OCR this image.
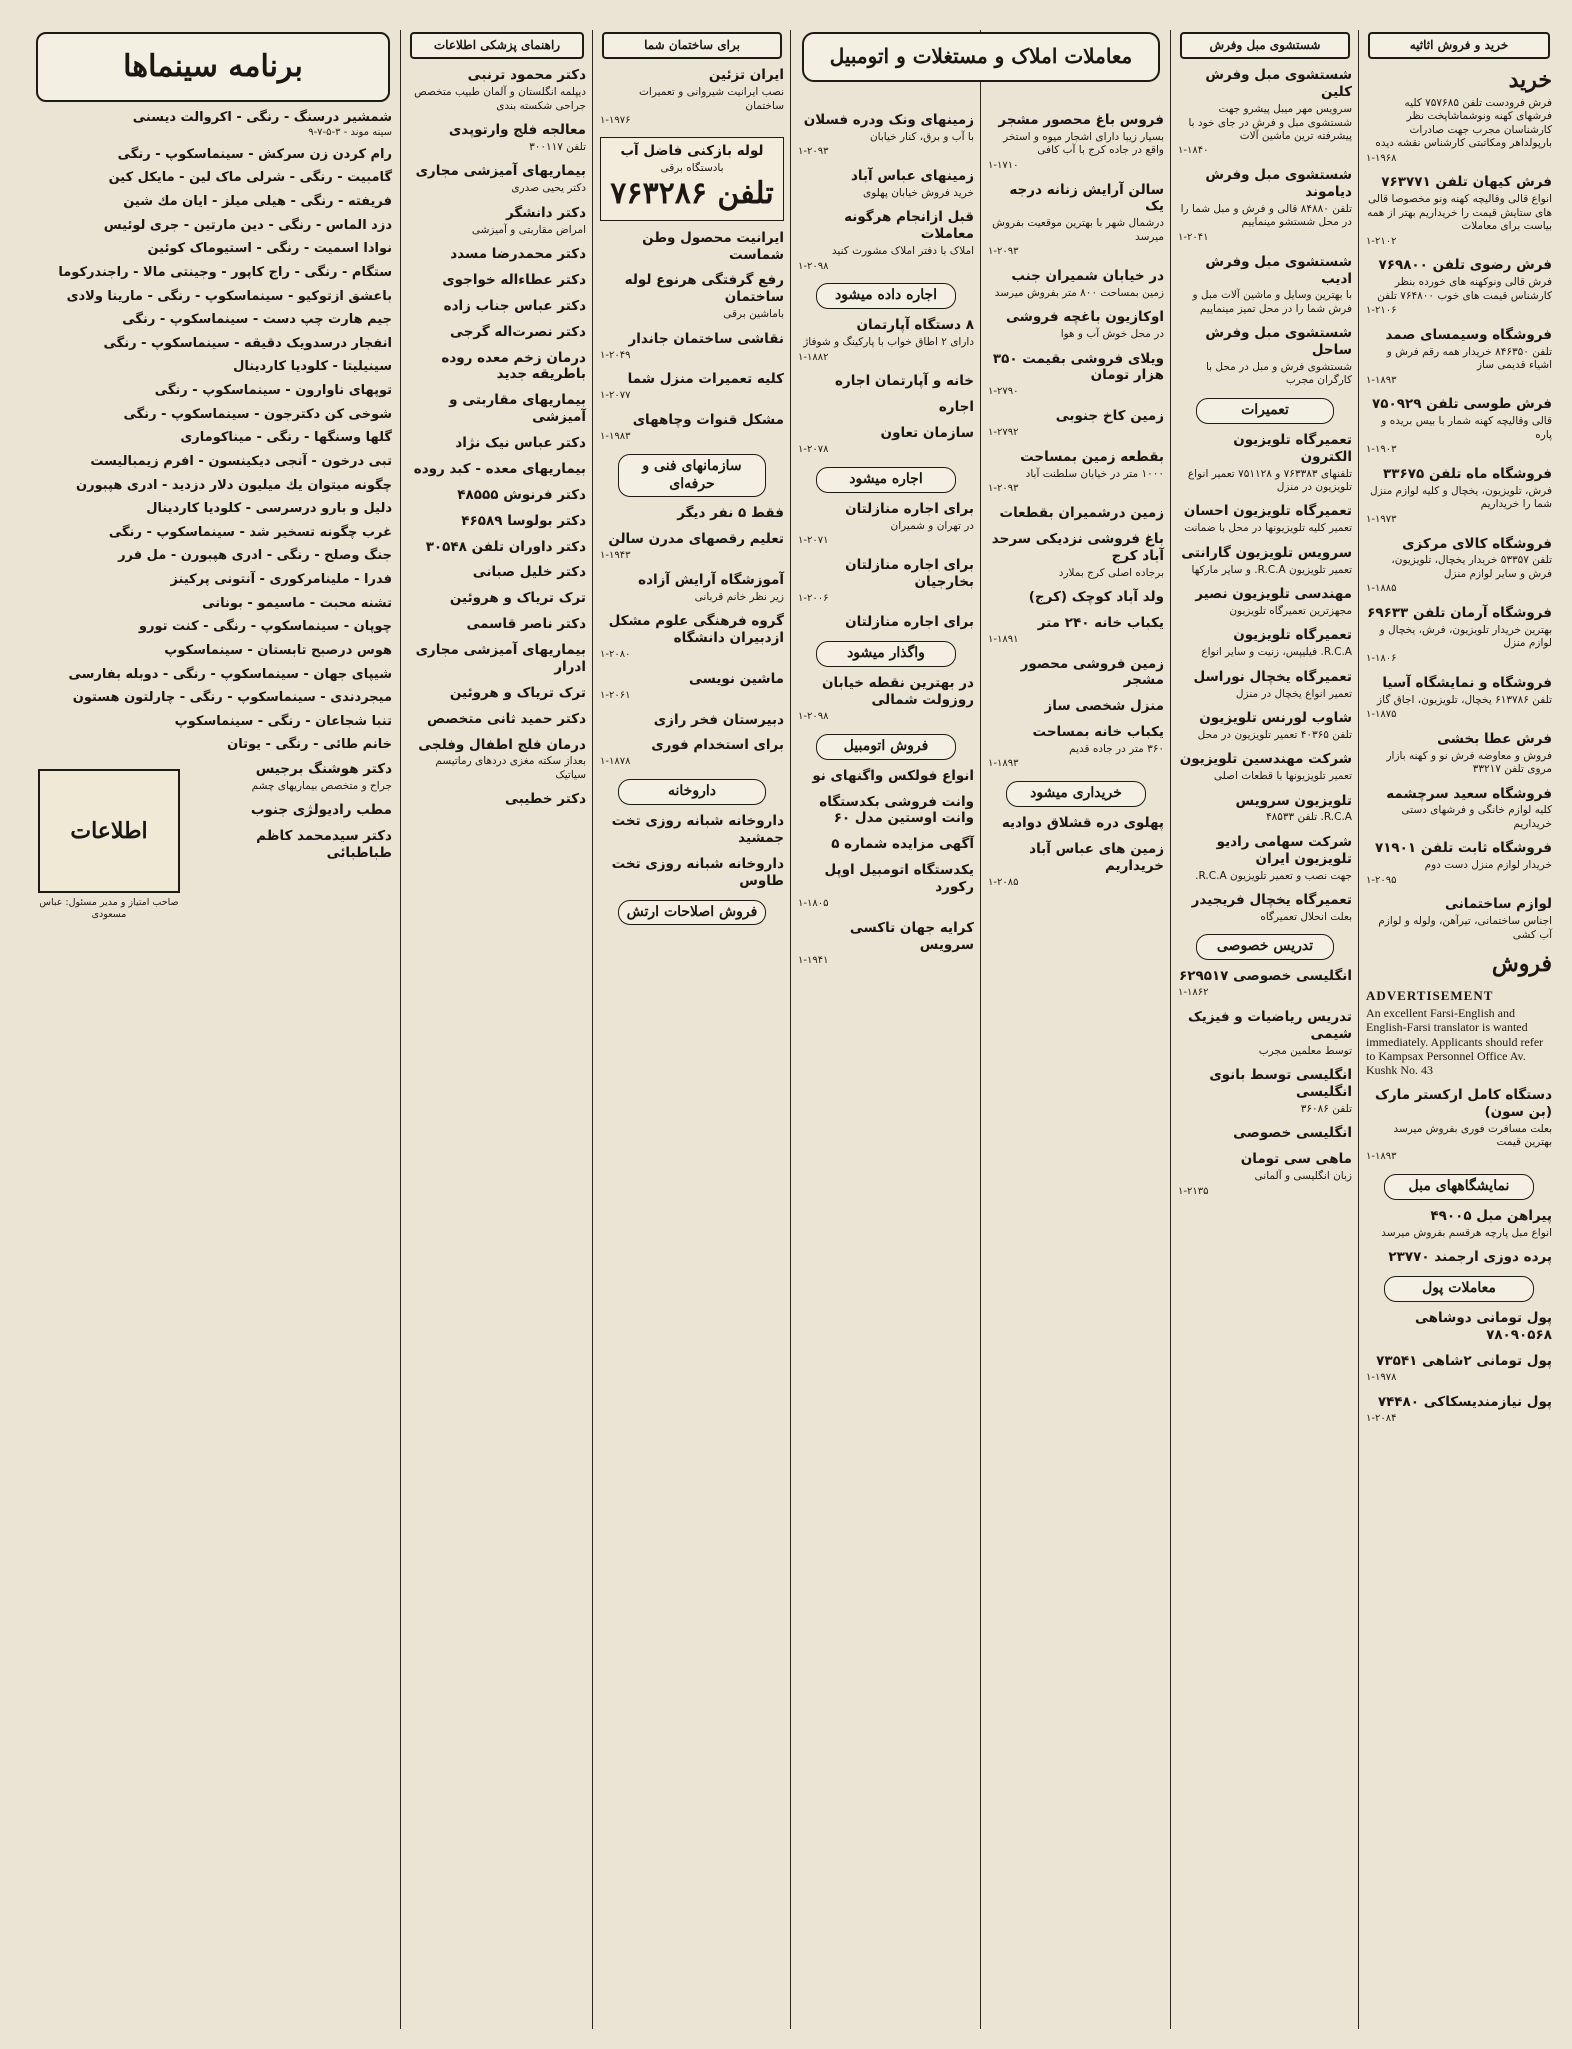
خرید و فروش اثاثیه
خرید
فرش فرودست تلفن ۷۵۷۶۸۵ کلیه فرشهای کهنه ونوشماشاپخت نظر کارشناسان مجرب جهت صادرات بارپولداهر ومکاتبتی کارشناس نقشه دیده
۱-۱۹۶۸
فرش کیهان تلفن ۷۶۳۷۷۱
انواع قالی وقالیچه کهنه ونو مخصوصا قالی های ستایش قیمت را خریداریم بهتر از همه بیاست برای معاملات
۱-۲۱۰۲
فرش رضوی تلفن ۷۶۹۸۰۰
فرش قالی ونوکهنه های خورده بنظر کارشناس قیمت های خوب ۷۶۴۸۰۰ تلفن
۱-۲۱۰۶
فروشگاه وسیمسای صمد
تلفن ۸۴۶۳۵۰ خریدار همه رقم فرش و اشیاء قدیمی ساز
۱-۱۸۹۳
فرش طوسی تلفن ۷۵۰۹۲۹
قالی وقالیچه کهنه شمار با بیس بریده و پاره
۱-۱۹۰۳
فروشگاه ماه تلفن ۳۳۶۷۵
فرش، تلویزیون، یخچال و کلیه لوازم منزل شما را خریداریم
۱-۱۹۷۳
فروشگاه کالای مرکزی
تلفن ۵۳۳۵۷ خریدار یخچال، تلویزیون، فرش و سایر لوازم منزل
۱-۱۸۸۵
فروشگاه آرمان تلفن ۶۹۶۳۳
بهترین خریدار تلویزیون، فرش، یخچال و لوازم منزل
۱-۱۸۰۶
فروشگاه و نمایشگاه آسیا
تلفن ۶۱۳۷۸۶ یخچال، تلویزیون، اجاق گاز
۱-۱۸۷۵
فرش عطا بخشی
فروش و معاوضه فرش نو و کهنه بازار مروی تلفن ۳۳۲۱۷
فروشگاه سعید سرچشمه
کلیه لوازم خانگی و فرشهای دستی خریداریم
فروشگاه ثابت تلفن ۷۱۹۰۱
خریدار لوازم منزل دست دوم
۱-۲۰۹۵
لوازم ساختمانی
اجناس ساختمانی، تیرآهن، ولوله و لوازم آب کشی
فروش
ADVERTISEMENT
An excellent Farsi-English and English-Farsi translator is wanted immediately. Applicants should refer to Kampsax Personnel Office Av. Kushk No. 43
دستگاه کامل ارکستر مارک (بن سون)
بعلت مسافرت فوری بفروش میرسد بهترین قیمت
۱-۱۸۹۳
نمایشگاههای مبل
پیراهن مبل ۴۹۰۰۵
انواع مبل پارچه هرقسم بفروش میرسد
پرده دوزی ارجمند ۲۳۷۷۰
معاملات پول
پول تومانی دوشاهی ۷۸۰۹۰۵۶۸
پول تومانی ۲شاهی ۷۳۵۴۱
۱-۱۹۷۸
پول نیازمندیسکاکی ۷۴۴۸۰
۱-۲۰۸۴
شستشوی مبل وفرش
شستشوی مبل وفرش کلین
سرویس مهر میبل پیشرو جهت شستشوی مبل و فرش در جای خود با پیشرفته ترین ماشین آلات
۱-۱۸۴۰
شستشوی مبل وفرش دیاموند
تلفن ۸۴۸۸۰ قالی و فرش و مبل شما را در محل شستشو مینماییم
۱-۲۰۴۱
شستشوی مبل وفرش ادیب
با بهترین وسایل و ماشین آلات مبل و فرش شما را در محل تمیز مینماییم
شستشوی مبل وفرش ساحل
شستشوی فرش و مبل در محل با کارگران مجرب
تعمیرات
تعمیرگاه تلویزیون الکترون
تلفنهای ۷۶۳۳۸۳ و ۷۵۱۱۲۸ تعمیر انواع تلویزیون در منزل
تعمیرگاه تلویزیون احسان
تعمیر کلیه تلویزیونها در محل با ضمانت
سرویس تلویزیون گارانتی
تعمیر تلویزیون R.C.A. و سایر مارکها
مهندسی تلویزیون نصیر
مجهزترین تعمیرگاه تلویزیون
تعمیرگاه تلویزیون
R.C.A. فیلیپس، زنیت و سایر انواع
تعمیرگاه یخچال نوراسل
تعمیر انواع یخچال در منزل
شاوب لورنس تلویزیون
تلفن ۴۰۳۶۵ تعمیر تلویزیون در محل
شرکت مهندسین تلویزیون
تعمیر تلویزیونها با قطعات اصلی
تلویزیون سرویس
R.C.A. تلفن ۴۸۵۳۳
شرکت سهامی رادیو تلویزیون ایران
جهت نصب و تعمیر تلویزیون R.C.A.
تعمیرگاه یخچال فریجیدر
بعلت انحلال تعمیرگاه
تدریس خصوصی
انگلیسی خصوصی ۶۲۹۵۱۷
۱-۱۸۶۲
تدریس ریاضیات و فیزیک شیمی
توسط معلمین مجرب
انگلیسی توسط بانوی انگلیسی
تلفن ۳۶۰۸۶
انگلیسی خصوصی
ماهی سی تومان
زبان انگلیسی و آلمانی
۱-۲۱۳۵
معاملات املاک و مستغلات و اتومبیل
فروس باغ محصور مشجر
بسیار زیبا دارای اشجار میوه و استخر واقع در جاده کرج با آب کافی
۱-۱۷۱۰
سالن آرایش زنانه درجه یک
درشمال شهر با بهترین موقعیت بفروش میرسد
۱-۲۰۹۳
در خیابان شمیران جنب
زمین بمساحت ۸۰۰ متر بفروش میرسد
اوکازیون باغچه فروشی
در محل خوش آب و هوا
ویلای فروشی بقیمت ۳۵۰ هزار تومان
۱-۲۷۹۰
زمین کاخ جنوبی
۱-۲۷۹۲
بقطعه زمین بمساحت
۱۰۰۰ متر در خیابان سلطنت آباد
۱-۲۰۹۳
زمین درشمیران بقطعات
باغ فروشی نزدیکی سرحد آباد کرج
برجاده اصلی کرج بملارد
ولد آباد کوچک (کرج)
یکباب خانه ۲۴۰ متر
۱-۱۸۹۱
زمین فروشی محصور مشجر
منزل شخصی ساز
یکباب خانه بمساحت
۳۶۰ متر در جاده قدیم
۱-۱۸۹۳
خریداری میشود
پهلوی دره قشلاق دوادیه
زمین های عباس آباد خریداریم
۱-۲۰۸۵
زمینهای ونک ودره فسلان
با آب و برق، کنار خیابان
۱-۲۰۹۳
زمینهای عباس آباد
خرید فروش خیابان پهلوی
قبل ازانجام هرگونه معاملات
املاک با دفتر املاک مشورت کنید
۱-۲۰۹۸
اجاره داده میشود
۸ دستگاه آپارتمان
دارای ۲ اطاق خواب با پارکینگ و شوفاژ
۱-۱۸۸۲
خانه و آپارتمان اجاره
اجاره
سازمان تعاون
۱-۲۰۷۸
اجاره میشود
برای اجاره منازلتان
در تهران و شمیران
۱-۲۰۷۱
برای اجاره منازلتان بخارجیان
۱-۲۰۰۶
برای اجاره منازلتان
واگذار میشود
در بهترین نقطه خیابان روزولت شمالی
۱-۲۰۹۸
فروش اتومبیل
انواع فولکس واگنهای نو
وانت فروشی بکدستگاه وانت اوستین مدل ۶۰
آگهی مزایده شماره ۵
یکدستگاه اتومبیل اوپل رکورد
۱-۱۸۰۵
کرایه جهان تاکسی سرویس
۱-۱۹۴۱
برای ساختمان شما
ایران تزئین
نصب ایرانیت شیروانی و تعمیرات ساختمان
۱-۱۹۷۶
لوله بازکنی فاضل آب
بادستگاه برقی
تلفن ۷۶۳۲۸۶
ایرانیت محصول وطن شماست
رفع گرفتگی هرنوع لوله ساختمان
باماشین برقی
نقاشی ساختمان جاندار
۱-۲۰۴۹
کلیه تعمیرات منزل شما
۱-۲۰۷۷
مشکل قنوات وچاههای
۱-۱۹۸۳
سازمانهای فنی و حرفه‌ای
فقط ۵ نفر دیگر
تعلیم رقصهای مدرن سالن
۱-۱۹۴۳
آموزشگاه آرایش آزاده
زیر نظر خانم قربانی
گروه فرهنگی علوم مشکل ازدبیران دانشگاه
۱-۲۰۸۰
ماشین نویسی
۱-۲۰۶۱
دبیرستان فخر رازی
برای استخدام فوری
۱-۱۸۷۸
داروخانه
داروخانه شبانه روزی تخت جمشید
داروخانه شبانه روزی تخت طاوس
فروش اصلاحات ارتش
راهنمای پزشکی اطلاعات
دکتر محمود ترنبی
دیپلمه انگلستان و آلمان طبیب متخصص جراحی شکسته بندی
معالجه فلج وارتوپدی
تلفن ۳۰۰۱۱۷
بیماریهای آمیزشی مجاری
دکتر یحیی صدری
دکتر دانشگر
امراض مقاربتی و آمیزشی
دکتر محمدرضا مسدد
دکتر عطاءاله خواجوی
دکتر عباس جناب زاده
دکتر نصرت‌اله گرجی
درمان زخم معده روده باطریقه جدید
بیماریهای مقاربتی و آمیزشی
دکتر عباس نیک نژاد
بیماریهای معده - کبد روده
دکتر فرنوش ۴۸۵۵۵
دکتر بولوسا ۴۶۵۸۹
دکتر داوران تلفن ۳۰۵۴۸
دکتر خلیل صبانی
ترک تریاک و هروئین
دکتر ناصر قاسمی
بیماریهای آمیزشی مجاری ادرار
ترک تریاک و هروئین
دکتر حمید ثانی متخصص
درمان فلج اطفال وفلجی
بعداز سکته مغزی دردهای رماتیسم سیاتیک
دکتر خطیبی
برنامه سینماها
شمشیر درسنگ - رنگی - اکروالت دیسنی
سینه موند - ۳-۵-۷-۹
رام کردن زن سرکش - سینماسکوپ - رنگی
گامبیت - رنگی - شرلی ماک لین - مایکل کین
فریفته - رنگی - هیلی میلز - ایان مك شین
دزد الماس - رنگی - دین مارتین - جری لوئیس
نوادا اسمیت - رنگی - استیوماک کوئین
ستگام - رنگی - راج کاپور - وجینتی مالا - راجندرکوما
باعشق ازتوکیو - سینماسکوپ - رنگی - مارینا ولادی
جیم هارت چپ دست - سینماسکوپ - رنگی
انفجار درسدویک دقیقه - سینماسکوپ - رنگی
سینیلیتا - کلودیا کاردینال
توپهای ناوارون - سینماسکوپ - رنگی
شوخی کن دکترجون - سینماسکوپ - رنگی
گلها وسنگها - رنگی - میناکوماری
تبی درخون - آنجی دیکینسون - افرم زیمبالیست
چگونه میتوان یك میلیون دلار دزدید - ادری هپبورن
دلیل و بارو درسرسی - کلودیا کاردینال
غرب چگونه تسخیر شد - سینماسکوپ - رنگی
جنگ وصلح - رنگی - ادری هپبورن - مل فرر
فدرا - ملینامرکوری - آنتونی پرکینز
تشنه محبت - ماسیمو - بونانی
چوپان - سینماسکوپ - رنگی - کنت تورو
هوس درصبح تابستان - سینماسکوپ
شیپای جهان - سینماسکوپ - رنگی - دوبله بفارسی
میجردندی - سینماسکوپ - رنگی - چارلتون هستون
تنبا شجاعان - رنگی - سینماسکوپ
خانم طائی - رنگی - یوتان
دکتر هوشنگ برجیس
جراح و متخصص بیماریهای چشم
مطب رادیولژی جنوب
دکتر سیدمحمد کاظم طباطبائی
اطلاعات
صاحب امتیاز و مدیر مسئول: عباس مسعودی
